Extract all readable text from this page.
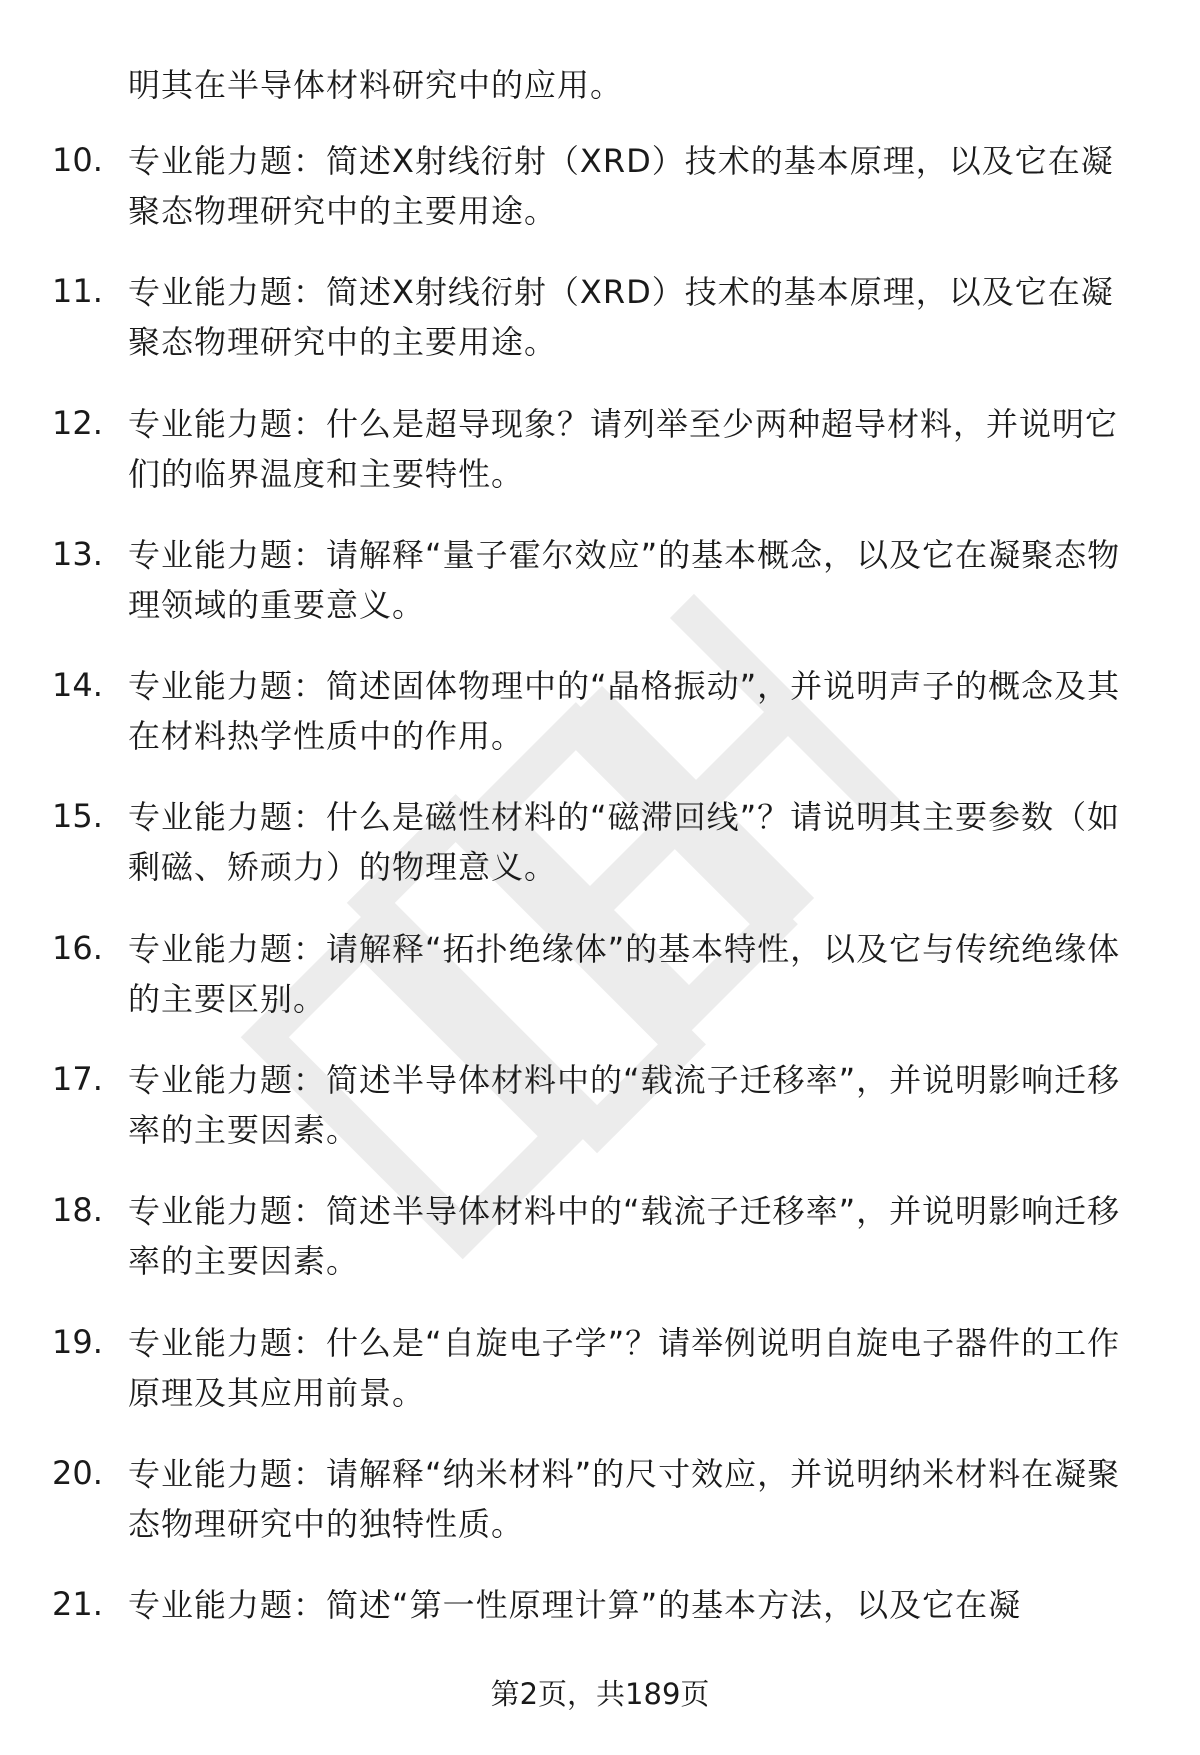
明其在半导体材料研究中的应用。
10. 专业能力题：简述X射线衍射（XRD）技术的基本原理，以及它在凝聚态物理研究中的主要用途。
11. 专业能力题：简述X射线衍射（XRD）技术的基本原理，以及它在凝聚态物理研究中的主要用途。
12. 专业能力题：什么是超导现象？请列举至少两种超导材料，并说明它们的临界温度和主要特性。
13. 专业能力题：请解释“量子霍尔效应”的基本概念，以及它在凝聚态物理领域的重要意义。
14. 专业能力题：简述固体物理中的“晶格振动”，并说明声子的概念及其在材料热学性质中的作用。
15. 专业能力题：什么是磁性材料的“磁滞回线”？请说明其主要参数（如剩磁、矫顽力）的物理意义。
16. 专业能力题：请解释“拓扑绝缘体”的基本特性，以及它与传统绝缘体的主要区别。
17. 专业能力题：简述半导体材料中的“载流子迁移率”，并说明影响迁移率的主要因素。
18. 专业能力题：简述半导体材料中的“载流子迁移率”，并说明影响迁移率的主要因素。
19. 专业能力题：什么是“自旋电子学”？请举例说明自旋电子器件的工作原理及其应用前景。
20. 专业能力题：请解释“纳米材料”的尺寸效应，并说明纳米材料在凝聚态物理研究中的独特性质。
21. 专业能力题：简述“第一性原理计算”的基本方法，以及它在凝
第2页，共189页
